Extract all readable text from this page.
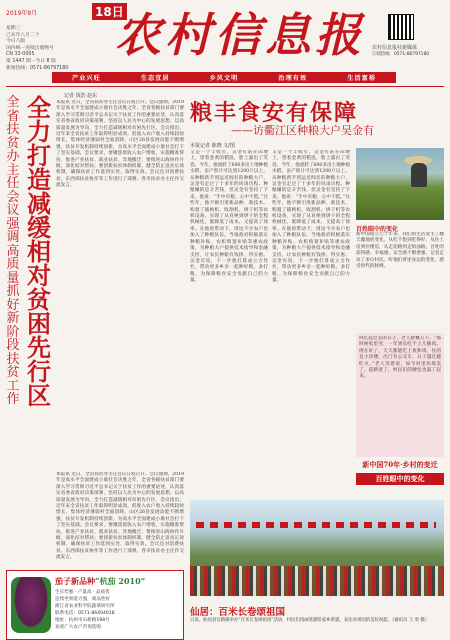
2019年9月	18日
星期三
己亥年八月二十
今日八版
国内统一连续出版物号
CN 33-0005
第 1447 期 · 今日 8 版
新闻热线：0571-86797180
农村信息报 农村信息报社新媒体
订阅热线：0571-86797180
产业兴旺	生态宜居	乡风文明	治理有效	生活富裕
记者 钱浩 赵东
全省扶贫办主任会议强调高质量抓好新阶段扶贫工作
全力打造减缓相对贫困先行区
本报讯 近日，全省扶贫办主任会议在杭召开。会议强调，2019年是高水平全面建成小康社会决胜之年，全省各级扶贫部门要深入学习贯彻习近平总书记关于扶贫工作的重要论述，认真落实省委省政府决策部署，坚持以人民为中心的发展思想，以高质量发展为导向，全力打造减缓相对贫困先行区。会议指出，近年来全省扶贫工作取得明显成效，低收入农户收入持续较快增长，集体经济薄弱村全面消除，山区26县发展动能不断增强，扶贫开发机制持续创新，为高水平全面建成小康社会打下了坚实基础。会议要求，要聚焦低收入农户增收，实施精准帮扶，推进产业扶贫、就业扶贫、异地搬迁；要推进山海协作升级，深化结对帮扶；要创新扶贫体制机制，健全防止返贫长效机制，确保扶贫工作落到实处、取得实效。会议还对消费扶贫、东西部扶贫协作等工作进行了部署。各市扶贫办主任作交流发言。
本报讯 近日，全省扶贫办主任会议在杭召开。会议强调，2019年是高水平全面建成小康社会决胜之年，全省各级扶贫部门要深入学习贯彻习近平总书记关于扶贫工作的重要论述，认真落实省委省政府决策部署，坚持以人民为中心的发展思想，以高质量发展为导向，全力打造减缓相对贫困先行区。会议指出，近年来全省扶贫工作取得明显成效，低收入农户收入持续较快增长，集体经济薄弱村全面消除，山区26县发展动能不断增强，扶贫开发机制持续创新，为高水平全面建成小康社会打下了坚实基础。会议要求，要聚焦低收入农户增收，实施精准帮扶，推进产业扶贫、就业扶贫、异地搬迁；要推进山海协作升级，深化结对帮扶；要创新扶贫体制机制，健全防止返贫长效机制，确保扶贫工作落到实处、取得实效。会议还对消费扶贫、东西部扶贫协作等工作进行了部署。各市扶贫办主任作交流发言。
粮丰食安有保障
——访衢江区种粮大户吴金有
本报记者 陈晓 文/图
又是一个丰收年，吴金有站在田埂上，望着金黄的稻浪，脸上露出了笑容。今年，他流转了600多亩土地种植水稻，亩产预计可达到1200斤以上。从种粮新手到远近闻名的种粮大户，吴金有走过了十多年的风雨历程。种粮赚的是辛苦钱，但吴金有坚持了下来，他说：“手中有粮，心中不慌。”这些年，他不断引进新品种、新技术，购置了插秧机、收割机、烘干机等农机设备，实现了从育秧到烘干的全程机械化，既降低了成本，又提高了效率。在他的带动下，周边不少农户也加入了种粮队伍。当地政府积极落实种粮补贴、农机购置补贴等惠农政策，为种粮大户提供技术指导和金融支持，让农民种粮有钱挣、得实惠。吴金有说，下一步他打算成立合作社，带动更多乡亲一起种好粮、多打粮，为保障粮食安全贡献自己的力量。
又是一个丰收年，吴金有站在田埂上，望着金黄的稻浪，脸上露出了笑容。今年，他流转了600多亩土地种植水稻，亩产预计可达到1200斤以上。从种粮新手到远近闻名的种粮大户，吴金有走过了十多年的风雨历程。种粮赚的是辛苦钱，但吴金有坚持了下来，他说：“手中有粮，心中不慌。”这些年，他不断引进新品种、新技术，购置了插秧机、收割机、烘干机等农机设备，实现了从育秧到烘干的全程机械化，既降低了成本，又提高了效率。在他的带动下，周边不少农户也加入了种粮队伍。当地政府积极落实种粮补贴、农机购置补贴等惠农政策，为种粮大户提供技术指导和金融支持，让农民种粮有钱挣、得实惠。吴金有说，下一步他打算成立合作社，带动更多乡亲一起种好粮、多打粮，为保障粮食安全贡献自己的力量。
百姓眼中的变化
新中国成立七十年来，我们的生活发生了翻天覆地的变化。从吃不饱到吃得好，从住土房到住楼房，从走泥路到走柏油路，百姓的获得感、幸福感、安全感不断增强。记者走访了多位村民，听他们讲述身边的变化，感受时代的脉搏。
回忆起过去的日子，老人感慨万千。“那时候家里穷，一年到头吃不上几顿肉。现在好了，天天都能吃上鱼和肉，住的是小洋楼，出门有公交车，日子越过越红火。”老人笑着说，如今村里环境美了，道路宽了，村民们的腰包也鼓了起来。
新中国70年·乡村的变迁
百姓眼中的变化
仙居：百米长卷颂祖国
日前，仙居县官路镇举办“百米长卷颂祖国”活动，村民们用画笔描绘家乡新貌，表达对祖国的美好祝愿。（通讯员 王 勇 摄）
茄子新品种“杭茄 2010”
生长势强 · 产量高 · 品质优
连续坐果能力强，商品性好
浙江省农业科学院蔬菜研究所
联系电话：0571-86404018
地址：杭州市石桥路198号
欢迎广大农户咨询选购
